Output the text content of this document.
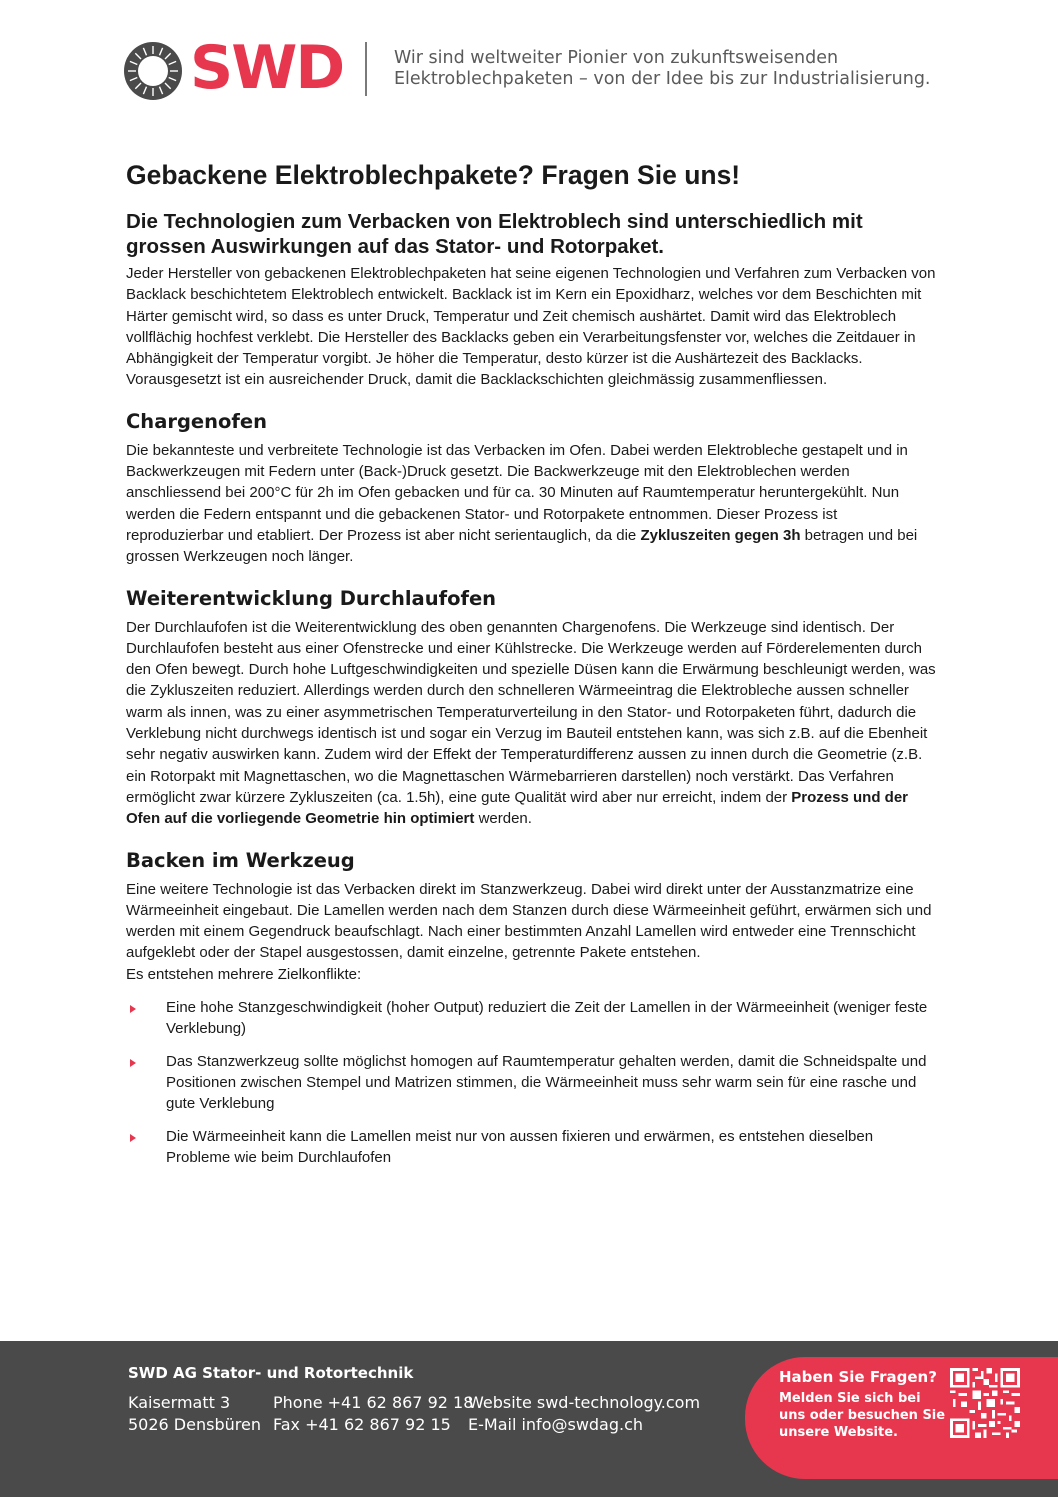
SWD	Wir sind weltweiter Pionier von zukunftsweisenden
Elektroblechpaketen – von der Idee bis zur Industrialisierung.
Gebackene Elektroblechpakete? Fragen Sie uns!
Die Technologien zum Verbacken von Elektroblech sind unterschiedlich mit grossen Auswirkungen auf das Stator- und Rotorpaket.

Jeder Hersteller von gebackenen Elektroblechpaketen hat seine eigenen Technologien und Verfahren zum Verbacken von Backlack beschichtetem Elektroblech entwickelt. Backlack ist im Kern ein Epoxidharz, welches vor dem Beschichten mit Härter gemischt wird, so dass es unter Druck, Temperatur und Zeit chemisch aushärtet. Damit wird das Elektroblech vollflächig hochfest verklebt. Die Hersteller des Backlacks geben ein Verarbeitungsfenster vor, welches die Zeitdauer in Abhängigkeit der Temperatur vorgibt. Je höher die Temperatur, desto kürzer ist die Aushärtezeit des Backlacks. Vorausgesetzt ist ein ausreichender Druck, damit die Backlackschichten gleichmässig zusammenfliessen.

Chargenofen

Die bekannteste und verbreitete Technologie ist das Verbacken im Ofen. Dabei werden Elektrobleche gestapelt und in Backwerkzeugen mit Federn unter (Back-)Druck gesetzt. Die Backwerkzeuge mit den Elektroblechen werden anschliessend bei 200°C für 2h im Ofen gebacken und für ca. 30 Minuten auf Raumtemperatur heruntergekühlt. Nun werden die Federn entspannt und die gebackenen Stator- und Rotorpakete entnommen. Dieser Prozess ist reproduzierbar und etabliert. Der Prozess ist aber nicht serientauglich, da die Zykluszeiten gegen 3h betragen und bei grossen Werkzeugen noch länger.

Weiterentwicklung Durchlaufofen

Der Durchlaufofen ist die Weiterentwicklung des oben genannten Chargenofens. Die Werkzeuge sind identisch. Der Durchlaufofen besteht aus einer Ofenstrecke und einer Kühlstrecke. Die Werkzeuge werden auf Förderelementen durch den Ofen bewegt. Durch hohe Luftgeschwindigkeiten und spezielle Düsen kann die Erwärmung beschleunigt werden, was die Zykluszeiten reduziert. Allerdings werden durch den schnelleren Wärmeeintrag die Elektrobleche aussen schneller warm als innen, was zu einer asymmetrischen Temperaturverteilung in den Stator- und Rotorpaketen führt, dadurch die Verklebung nicht durchwegs identisch ist und sogar ein Verzug im Bauteil entstehen kann, was sich z.B. auf die Ebenheit sehr negativ auswirken kann. Zudem wird der Effekt der Temperaturdifferenz aussen zu innen durch die Geometrie (z.B. ein Rotorpakt mit Magnettaschen, wo die Magnettaschen Wärmebarrieren darstellen) noch verstärkt. Das Verfahren ermöglicht zwar kürzere Zykluszeiten (ca. 1.5h), eine gute Qualität wird aber nur erreicht, indem der Prozess und der Ofen auf die vorliegende Geometrie hin optimiert werden.

Backen im Werkzeug

Eine weitere Technologie ist das Verbacken direkt im Stanzwerkzeug. Dabei wird direkt unter der Ausstanzmatrize eine Wärmeeinheit eingebaut. Die Lamellen werden nach dem Stanzen durch diese Wärmeeinheit geführt, erwärmen sich und werden mit einem Gegendruck beaufschlagt. Nach einer bestimmten Anzahl Lamellen wird entweder eine Trennschicht aufgeklebt oder der Stapel ausgestossen, damit einzelne, getrennte Pakete entstehen.

Es entstehen mehrere Zielkonflikte:

Eine hohe Stanzgeschwindigkeit (hoher Output) reduziert die Zeit der Lamellen in der Wärmeeinheit (weniger feste Verklebung)
Das Stanzwerkzeug sollte möglichst homogen auf Raumtemperatur gehalten werden, damit die Schneidspalte und Positionen zwischen Stempel und Matrizen stimmen, die Wärmeeinheit muss sehr warm sein für eine rasche und gute Verklebung
Die Wärmeeinheit kann die Lamellen meist nur von aussen fixieren und erwärmen, es entstehen dieselben Probleme wie beim Durchlaufofen
SWD AG Stator- und Rotortechnik
Kaisermatt 3
5026 Densbüren
Phone +41 62 867 92 18
Fax +41 62 867 92 15
Website swd-technology.com
E-Mail info@swdag.ch
Haben Sie Fragen?
Melden Sie sich bei uns oder besuchen Sie unsere Website.
